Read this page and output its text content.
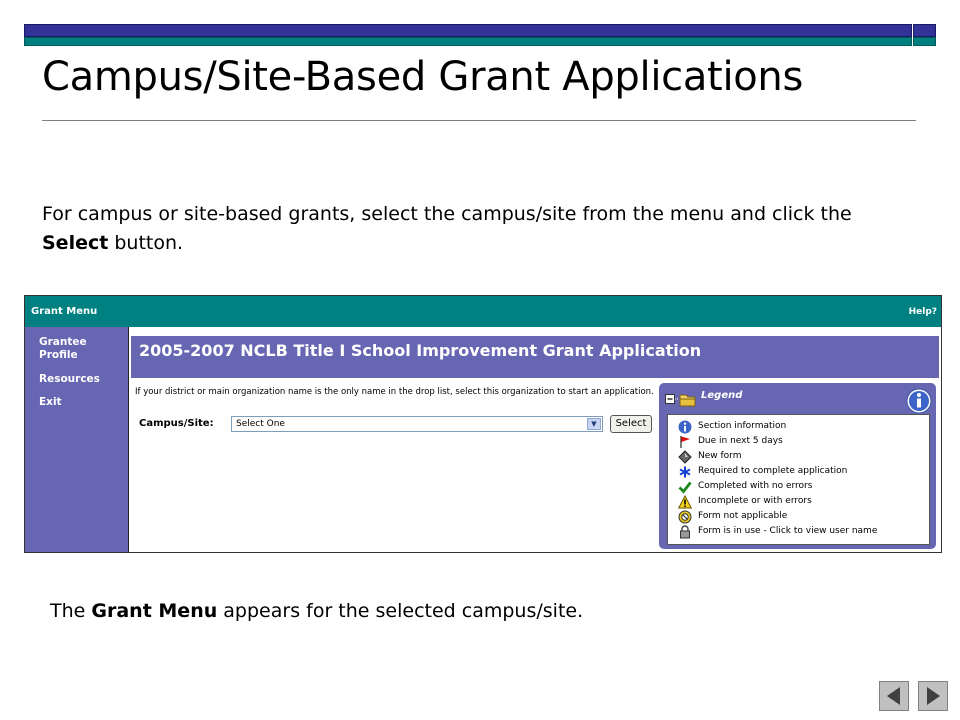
Campus/Site-Based Grant Applications
For campus or site-based grants, select the campus/site from the menu and click the Select button.
Grant Menu	Help?
Grantee Profile
Resources
Exit
2005-2007 NCLB Title I School Improvement Grant Application
If your district or main organization name is the only name in the drop list, select this organization to start an application.
Campus/Site: Select One	▼	Select
Legend
Section information
Due in next 5 days
New form
Required to complete application
Completed with no errors
Incomplete or with errors
Form not applicable
Form is in use - Click to view user name
The Grant Menu appears for the selected campus/site.
